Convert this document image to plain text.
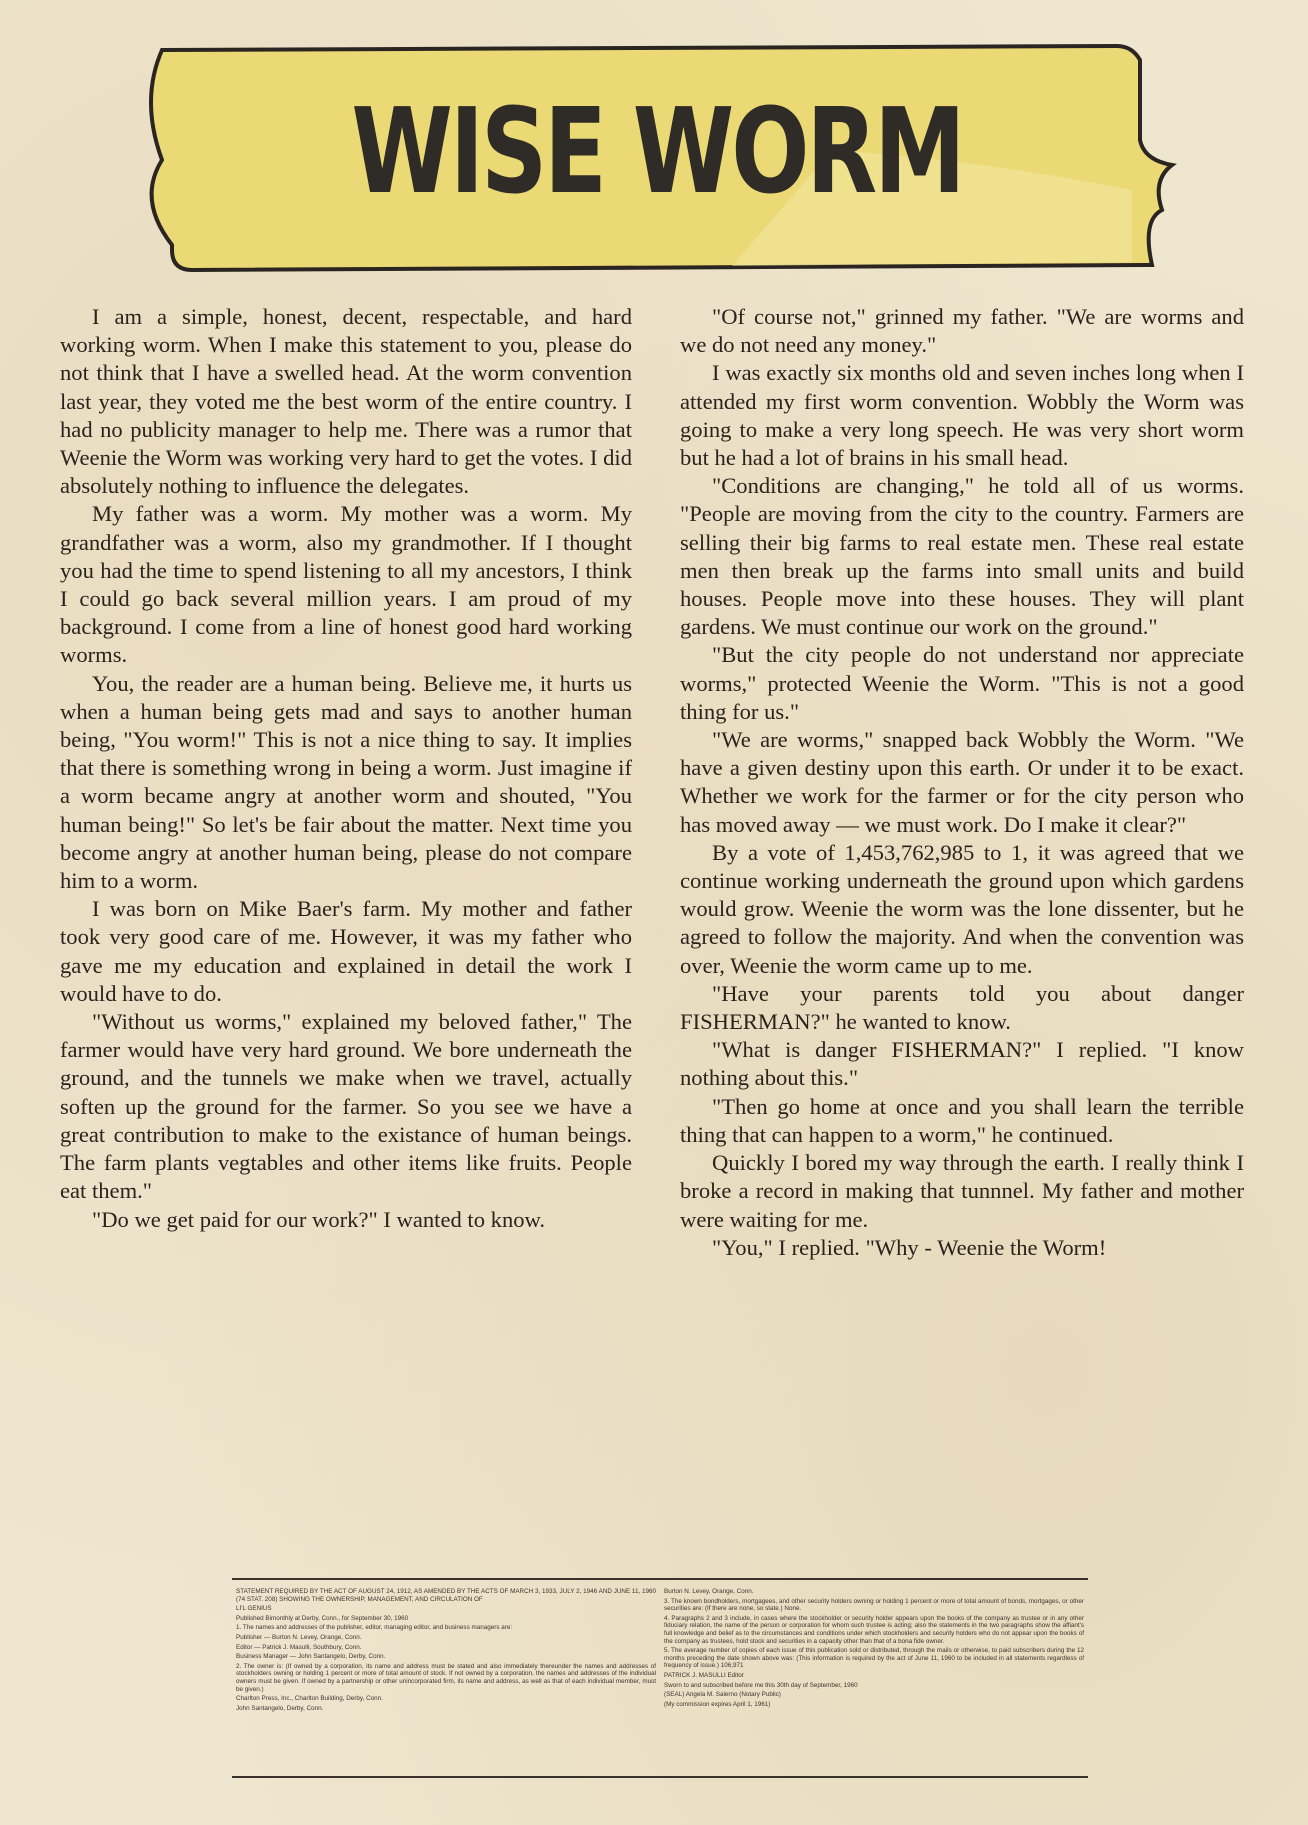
WISE WORM

I am a simple, honest, decent, respectable, and hard working worm. When I make this statement to you, please do not think that I have a swelled head. At the worm convention last year, they voted me the best worm of the entire country. I had no publicity manager to help me. There was a rumor that Weenie the Worm was working very hard to get the votes. I did absolutely nothing to influence the delegates.

My father was a worm. My mother was a worm. My grandfather was a worm, also my grandmother. If I thought you had the time to spend listening to all my ancestors, I think I could go back several million years. I am proud of my background. I come from a line of honest good hard working worms.

You, the reader are a human being. Believe me, it hurts us when a human being gets mad and says to another human being, "You worm!" This is not a nice thing to say. It implies that there is something wrong in being a worm. Just imagine if a worm became angry at another worm and shouted, "You human being!" So let's be fair about the matter. Next time you become angry at another human being, please do not compare him to a worm.

I was born on Mike Baer's farm. My mother and father took very good care of me. However, it was my father who gave me my education and explained in detail the work I would have to do.

"Without us worms," explained my beloved father," The farmer would have very hard ground. We bore underneath the ground, and the tunnels we make when we travel, actually soften up the ground for the farmer. So you see we have a great contribution to make to the existance of human beings. The farm plants vegtables and other items like fruits. People eat them."

"Do we get paid for our work?" I wanted to know.

"Of course not," grinned my father. "We are worms and we do not need any money."

I was exactly six months old and seven inches long when I attended my first worm convention. Wobbly the Worm was going to make a very long speech. He was very short worm but he had a lot of brains in his small head.

"Conditions are changing," he told all of us worms. "People are moving from the city to the country. Farmers are selling their big farms to real estate men. These real estate men then break up the farms into small units and build houses. People move into these houses. They will plant gardens. We must continue our work on the ground."

"But the city people do not understand nor appreciate worms," protected Weenie the Worm. "This is not a good thing for us."

"We are worms," snapped back Wobbly the Worm. "We have a given destiny upon this earth. Or under it to be exact. Whether we work for the farmer or for the city person who has moved away — we must work. Do I make it clear?"

By a vote of 1,453,762,985 to 1, it was agreed that we continue working underneath the ground upon which gardens would grow. Weenie the worm was the lone dissenter, but he agreed to follow the majority. And when the convention was over, Weenie the worm came up to me.

"Have your parents told you about danger FISHERMAN?" he wanted to know.

"What is danger FISHERMAN?" I replied. "I know nothing about this."

"Then go home at once and you shall learn the terrible thing that can happen to a worm," he continued.

Quickly I bored my way through the earth. I really think I broke a record in making that tunnnel. My father and mother were waiting for me.

"You," I replied. "Why - Weenie the Worm!

STATEMENT REQUIRED BY THE ACT OF AUGUST 24, 1912, AS AMENDED BY THE ACTS OF MARCH 3, 1933, JULY 2, 1946 AND JUNE 11, 1960 (74 STAT. 208) SHOWING THE OWNERSHIP, MANAGEMENT, AND CIRCULATION OF

LI'L GENIUS

Published Bimonthly at Derby, Conn., for September 30, 1960

1. The names and addresses of the publisher, editor, managing editor, and business managers are:

Publisher — Burton N. Levey, Orange, Conn.

Editor — Patrick J. Masulli, Southbury, Conn.

Business Manager — John Santangelo, Derby, Conn.

2. The owner is: (If owned by a corporation, its name and address must be stated and also immediately thereunder the names and addresses of stockholders owning or holding 1 percent or more of total amount of stock. If not owned by a corporation, the names and addresses of the individual owners must be given. If owned by a partnership or other unincorporated firm, its name and address, as well as that of each individual member, must be given.)

Charlton Press, Inc., Charlton Building, Derby, Conn.

John Santangelo, Derby, Conn.

Burton N. Levey, Orange, Conn.

3. The known bondholders, mortgagees, and other security holders owning or holding 1 percent or more of total amount of bonds, mortgages, or other securities are: (If there are none, so state.) None.

4. Paragraphs 2 and 3 include, in cases where the stockholder or security holder appears upon the books of the company as trustee or in any other fiduciary relation, the name of the person or corporation for whom such trustee is acting; also the statements in the two paragraphs show the affiant's full knowledge and belief as to the circumstances and conditions under which stockholders and security holders who do not appear upon the books of the company as trustees, hold stock and securities in a capacity other than that of a bona fide owner.

5. The average number of copies of each issue of this publication sold or distributed, through the mails or otherwise, to paid subscribers during the 12 months preceding the date shown above was: (This information is required by the act of June 11, 1960 to be included in all statements regardless of frequency of issue.) 106,971

PATRICK J. MASULLI Editor

Sworn to and subscribed before me this 30th day of September, 1960

(SEAL) Angela M. Salerno (Notary Public)

(My commission expires April 1, 1961)
